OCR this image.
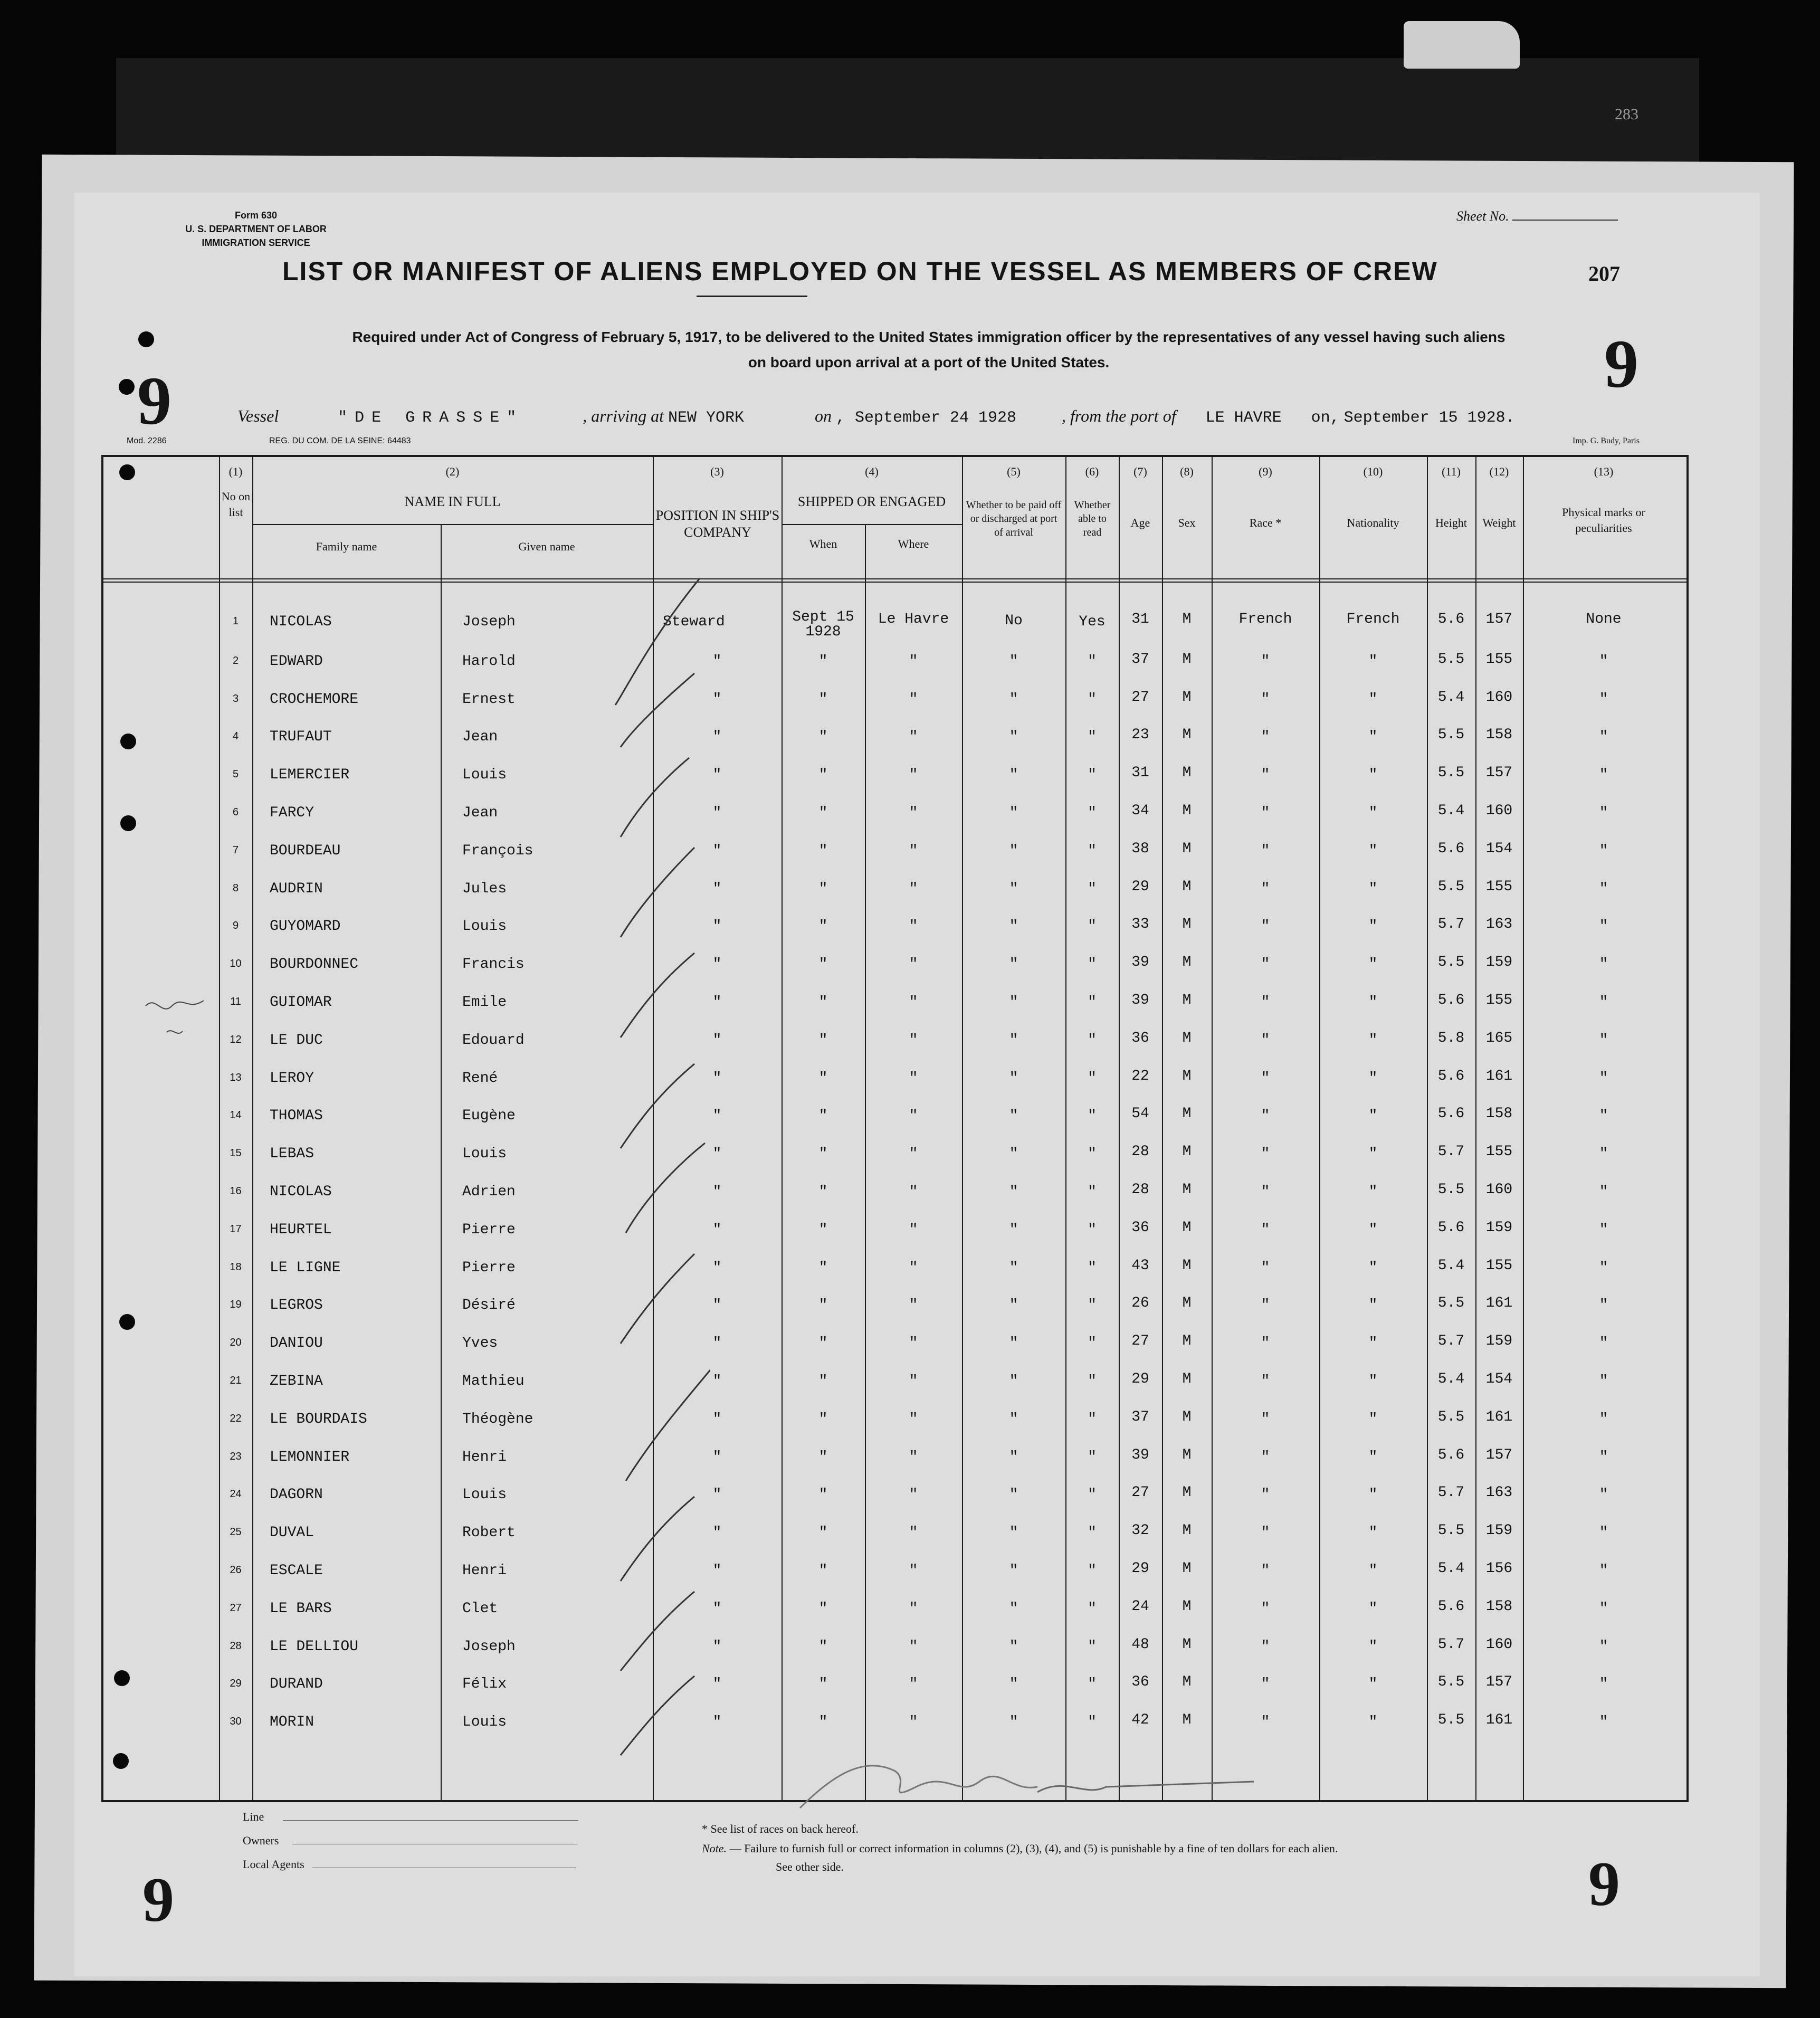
Form 630
U. S. DEPARTMENT OF LABOR
IMMIGRATION SERVICE
Sheet No.
283
LIST OR MANIFEST OF ALIENS EMPLOYED ON THE VESSEL AS MEMBERS OF CREW	207
Required under Act of Congress of February 5, 1917, to be delivered to the United States immigration officer by the representatives of any vessel having such aliens
on board upon arrival at a port of the United States.
9	9
Vessel	"DE GRASSE"	, arriving at NEW YORK	on , September 24 1928	, from the port of LE HAVRE on, September 15 1928.
Mod. 2286	REG. DU COM. DE LA SEINE: 64483	Imp. G. Budy, Paris
(1)	(2)	(3)	(4)	(5)	(6)	(7)	(8)	(9)	(10)	(11)	(12)	(13)
No on list
NAME IN FULL
Family name	Given name
POSITION IN SHIP'S COMPANY
SHIPPED OR ENGAGED
When	Where
Whether to be paid off or discharged at port of arrival
Whether able to read
Age	Sex	Race *	Nationality	Height	Weight
Physical marks or peculiarities
1	NICOLAS	Joseph	Steward	Sept 15
1928
Le Havre	No	Yes	31	M	French	French	5.6	157	None
2	EDWARD	Harold	"	"	"	"	"	37	M	"	"	5.5	155	"
3	CROCHEMORE	Ernest	"	"	"	"	"	27	M	"	"	5.4	160	"
4	TRUFAUT	Jean	"	"	"	"	"	23	M	"	"	5.5	158	"
5	LEMERCIER	Louis	"	"	"	"	"	31	M	"	"	5.5	157	"
6	FARCY	Jean	"	"	"	"	"	34	M	"	"	5.4	160	"
7	BOURDEAU	François	"	"	"	"	"	38	M	"	"	5.6	154	"
8	AUDRIN	Jules	"	"	"	"	"	29	M	"	"	5.5	155	"
9	GUYOMARD	Louis	"	"	"	"	"	33	M	"	"	5.7	163	"
10	BOURDONNEC	Francis	"	"	"	"	"	39	M	"	"	5.5	159	"
11	GUIOMAR	Emile	"	"	"	"	"	39	M	"	"	5.6	155	"
12	LE DUC	Edouard	"	"	"	"	"	36	M	"	"	5.8	165	"
13	LEROY	René	"	"	"	"	"	22	M	"	"	5.6	161	"
14	THOMAS	Eugène	"	"	"	"	"	54	M	"	"	5.6	158	"
15	LEBAS	Louis	"	"	"	"	"	28	M	"	"	5.7	155	"
16	NICOLAS	Adrien	"	"	"	"	"	28	M	"	"	5.5	160	"
17	HEURTEL	Pierre	"	"	"	"	"	36	M	"	"	5.6	159	"
18	LE LIGNE	Pierre	"	"	"	"	"	43	M	"	"	5.4	155	"
19	LEGROS	Désiré	"	"	"	"	"	26	M	"	"	5.5	161	"
20	DANIOU	Yves	"	"	"	"	"	27	M	"	"	5.7	159	"
21	ZEBINA	Mathieu	"	"	"	"	"	29	M	"	"	5.4	154	"
22	LE BOURDAIS	Théogène	"	"	"	"	"	37	M	"	"	5.5	161	"
23	LEMONNIER	Henri	"	"	"	"	"	39	M	"	"	5.6	157	"
24	DAGORN	Louis	"	"	"	"	"	27	M	"	"	5.7	163	"
25	DUVAL	Robert	"	"	"	"	"	32	M	"	"	5.5	159	"
26	ESCALE	Henri	"	"	"	"	"	29	M	"	"	5.4	156	"
27	LE BARS	Clet	"	"	"	"	"	24	M	"	"	5.6	158	"
28	LE DELLIOU	Joseph	"	"	"	"	"	48	M	"	"	5.7	160	"
29	DURAND	Félix	"	"	"	"	"	36	M	"	"	5.5	157	"
30	MORIN	Louis	"	"	"	"	"	42	M	"	"	5.5	161	"
Line
Owners
Local Agents
* See list of races on back hereof.
Note. — Failure to furnish full or correct information in columns (2), (3), (4), and (5) is punishable by a fine of ten dollars for each alien.
See other side.
9	9
